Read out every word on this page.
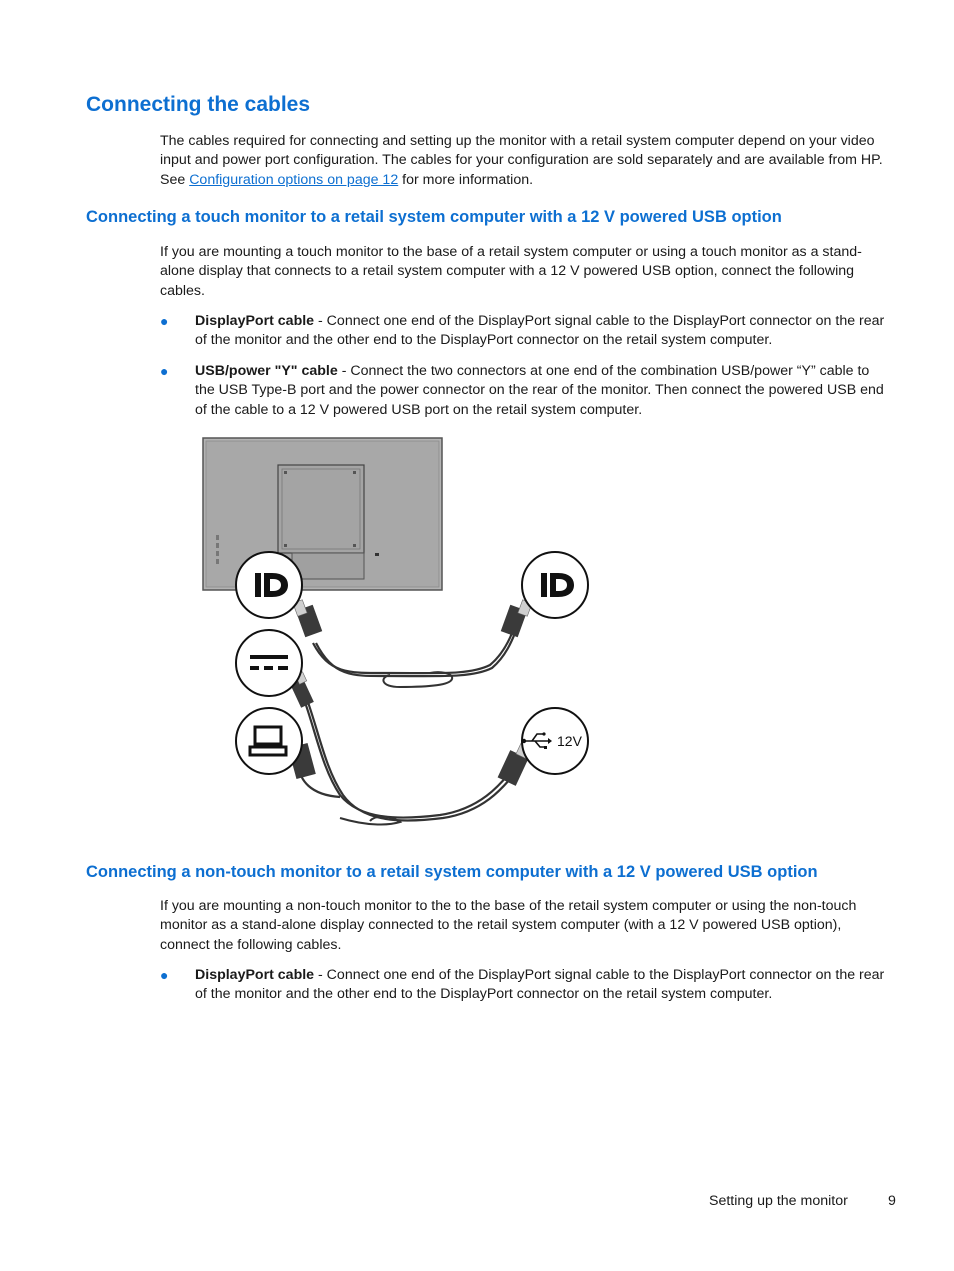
Connecting the cables

The cables required for connecting and setting up the monitor with a retail system computer depend on your video input and power port configuration. The cables for your configuration are sold separately and are available from HP. See Configuration options on page 12 for more information.

Connecting a touch monitor to a retail system computer with a 12 V powered USB option

If you are mounting a touch monitor to the base of a retail system computer or using a touch monitor as a stand-alone display that connects to a retail system computer with a 12 V powered USB option, connect the following cables.

● DisplayPort cable - Connect one end of the DisplayPort signal cable to the DisplayPort connector on the rear of the monitor and the other end to the DisplayPort connector on the retail system computer.
● USB/power "Y" cable - Connect the two connectors at one end of the combination USB/power “Y” cable to the USB Type-B port and the power connector on the rear of the monitor. Then connect the powered USB end of the cable to a 12 V powered USB port on the retail system computer.
12V
Connecting a non-touch monitor to a retail system computer with a 12 V powered USB option

If you are mounting a non-touch monitor to the to the base of the retail system computer or using the non-touch monitor as a stand-alone display connected to the retail system computer (with a 12 V powered USB option), connect the following cables.

● DisplayPort cable - Connect one end of the DisplayPort signal cable to the DisplayPort connector on the rear of the monitor and the other end to the DisplayPort connector on the retail system computer.
Setting up the monitor	9
